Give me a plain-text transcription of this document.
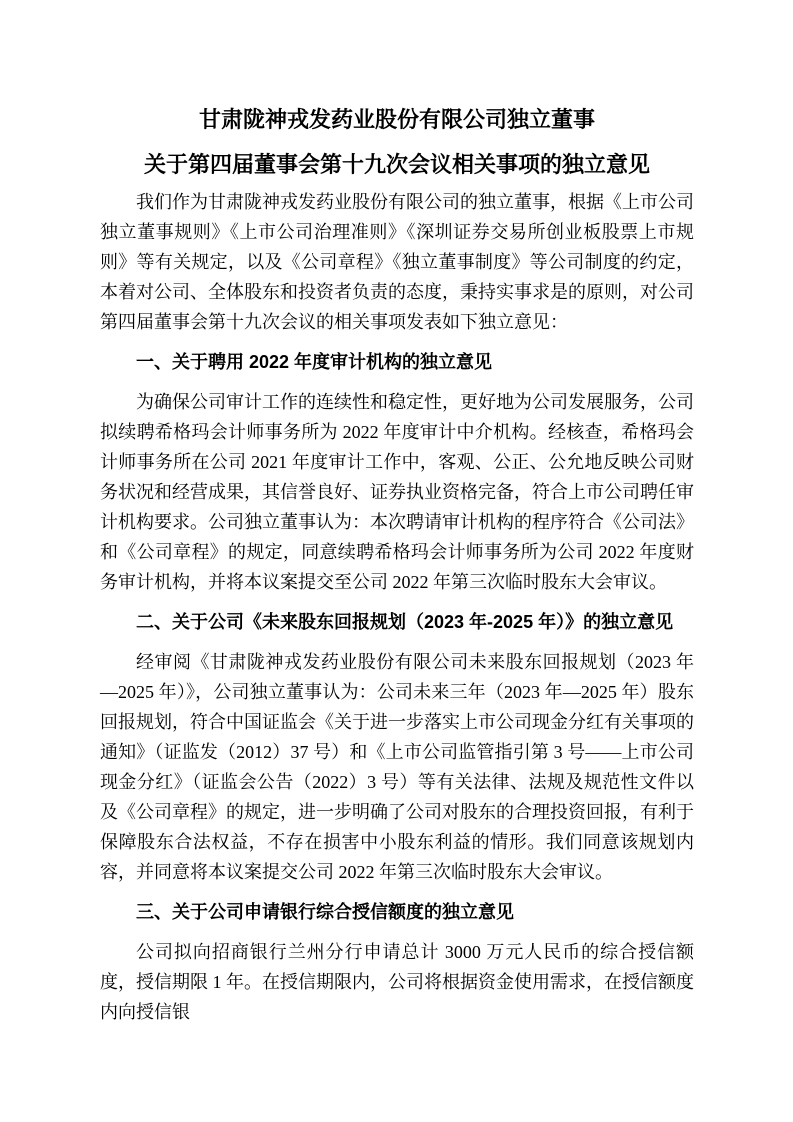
甘肃陇神戎发药业股份有限公司独立董事
关于第四届董事会第十九次会议相关事项的独立意见

我们作为甘肃陇神戎发药业股份有限公司的独立董事，根据《上市公司独立董事规则》《上市公司治理准则》《深圳证券交易所创业板股票上市规则》等有关规定，以及《公司章程》《独立董事制度》等公司制度的约定，本着对公司、全体股东和投资者负责的态度，秉持实事求是的原则，对公司第四届董事会第十九次会议的相关事项发表如下独立意见：

一、关于聘用 2022 年度审计机构的独立意见

为确保公司审计工作的连续性和稳定性，更好地为公司发展服务，公司拟续聘希格玛会计师事务所为 2022 年度审计中介机构。经核查，希格玛会计师事务所在公司 2021 年度审计工作中，客观、公正、公允地反映公司财务状况和经营成果，其信誉良好、证券执业资格完备，符合上市公司聘任审计机构要求。公司独立董事认为：本次聘请审计机构的程序符合《公司法》和《公司章程》的规定，同意续聘希格玛会计师事务所为公司 2022 年度财务审计机构，并将本议案提交至公司 2022 年第三次临时股东大会审议。

二、关于公司《未来股东回报规划（2023 年-2025 年）》的独立意见

经审阅《甘肃陇神戎发药业股份有限公司未来股东回报规划（2023 年—2025 年）》，公司独立董事认为：公司未来三年（2023 年—2025 年）股东回报规划，符合中国证监会《关于进一步落实上市公司现金分红有关事项的通知》（证监发（2012）37 号）和《上市公司监管指引第 3 号——上市公司现金分红》（证监会公告（2022）3 号）等有关法律、法规及规范性文件以及《公司章程》的规定，进一步明确了公司对股东的合理投资回报，有利于保障股东合法权益，不存在损害中小股东利益的情形。我们同意该规划内容，并同意将本议案提交公司 2022 年第三次临时股东大会审议。

三、关于公司申请银行综合授信额度的独立意见

公司拟向招商银行兰州分行申请总计 3000 万元人民币的综合授信额度，授信期限 1 年。在授信期限内，公司将根据资金使用需求，在授信额度内向授信银
